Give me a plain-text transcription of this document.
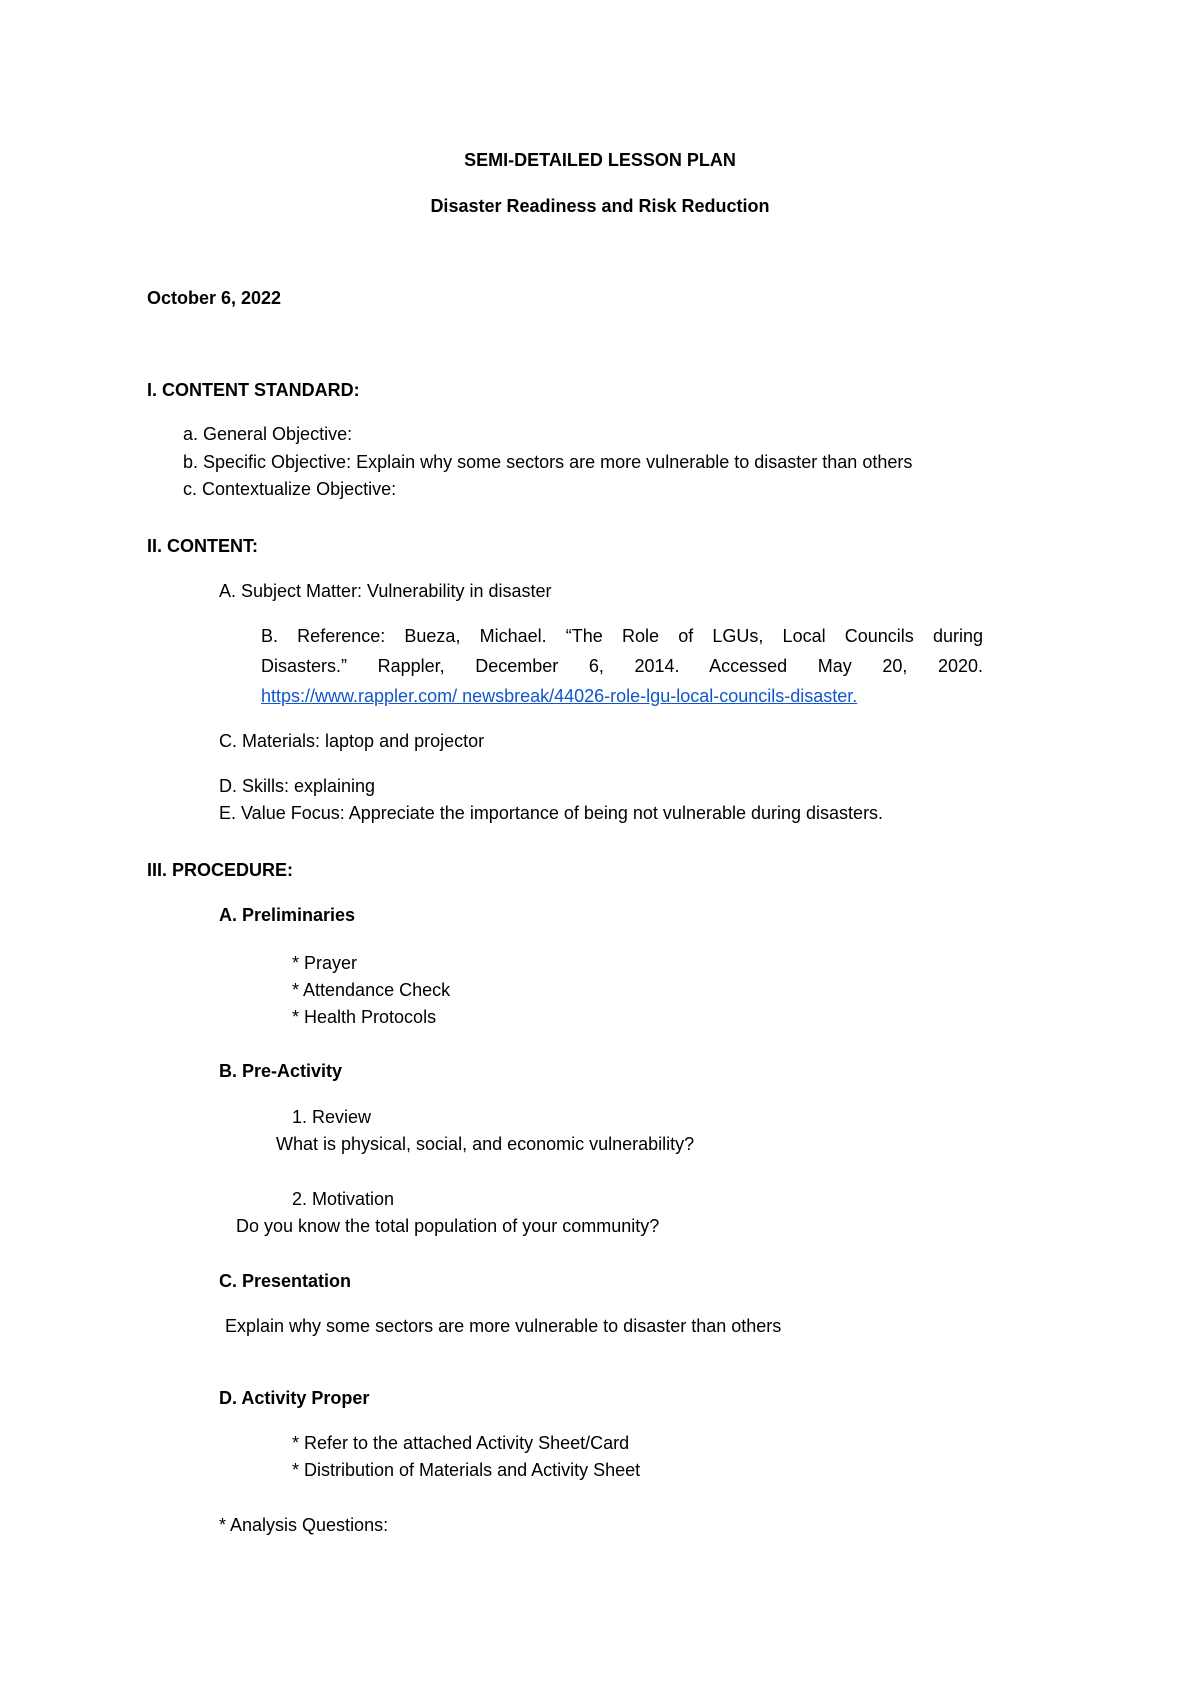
SEMI-DETAILED LESSON PLAN
Disaster Readiness and Risk Reduction
October 6, 2022
I. CONTENT STANDARD:
a. General Objective:
b. Specific Objective: Explain why some sectors are more vulnerable to disaster than others
c. Contextualize Objective:
II. CONTENT:
A. Subject Matter: Vulnerability in disaster
B. Reference: Bueza, Michael. “The Role of LGUs, Local Councils during
Disasters.” Rappler, December 6, 2014. Accessed May 20, 2020.
https://www.rappler.com/ newsbreak/44026-role-lgu-local-councils-disaster.
C. Materials: laptop and projector
D. Skills: explaining
E. Value Focus: Appreciate the importance of being not vulnerable during disasters.
III. PROCEDURE:
A. Preliminaries
* Prayer
* Attendance Check
* Health Protocols
B. Pre-Activity
1. Review
What is physical, social, and economic vulnerability?
2. Motivation
Do you know the total population of your community?
C. Presentation
Explain why some sectors are more vulnerable to disaster than others
D. Activity Proper
* Refer to the attached Activity Sheet/Card
* Distribution of Materials and Activity Sheet
* Analysis Questions:
